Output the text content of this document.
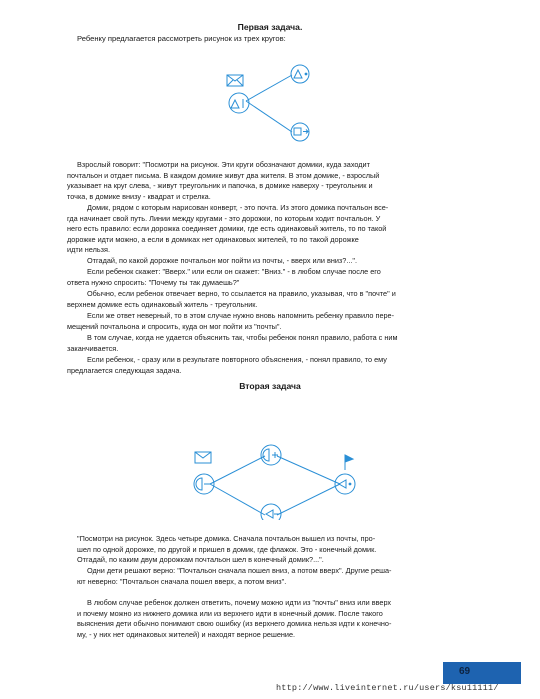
Первая задача.
Ребенку предлагается рассмотреть рисунок из трех кругов:
Взрослый говорит: "Посмотри на рисунок. Эти круги обозначают домики, куда заходит
почтальон и отдает письма. В каждом домике живут два жителя. В этом домике, - взрослый
указывает на круг слева, - живут треугольник и папочка, в домике наверху - треугольник и
точка, в домике внизу - квадрат и стрелка.
Домик, рядом с которым нарисован конверт, - это почта. Из этого домика почтальон все-
гда начинает свой путь. Линии между кругами - это дорожки, по которым ходит почтальон. У
него есть правило: если дорожка соединяет домики, где есть одинаковый житель, то по такой
дорожке идти можно, а если в домиках нет одинаковых жителей, то по такой дорожке
идти нельзя.
Отгадай, по какой дорожке почтальон мог пойти из почты, - вверх или вниз?...".
Если ребенок скажет: "Вверх." или если он скажет: "Вниз." - в любом случае после его
ответа нужно спросить: "Почему ты так думаешь?"
Обычно, если ребенок отвечает верно, то ссылается на правило, указывая, что в "почте" и
верхнем домике есть одинаковый житель - треугольник.
Если же ответ неверный, то в этом случае нужно вновь напомнить ребенку правило пере-
мещений почтальона и спросить, куда он мог пойти из "почты".
В том случае, когда не удается объяснить так, чтобы ребенок понял правило, работа с ним
заканчивается.
Если ребенок, - сразу или в результате повторного объяснения, - понял правило, то ему
предлагается следующая задача.
Вторая задача
"Посмотри на рисунок. Здесь четыре домика. Сначала почтальон вышел из почты, про-
шел по одной дорожке, по другой и пришел в домик, где флажок. Это - конечный домик.
Отгадай, по каким двум дорожкам почтальон шел в конечный домик?...".
Одни дети решают верно: "Почтальон сначала пошел вниз, а потом вверх". Другие решa-
ют неверно: "Почтальон сначала пошел вверх, а потом вниз".
В любом случае ребенок должен ответить, почему можно идти из "почты" вниз или вверх
и почему можно из нижнего домика или из верхнего идти в конечный домик. После такого
выяснения дети обычно понимают свою ошибку (из верхнего домика нельзя идти к конечно-
му, - у них нет одинаковых жителей) и находят верное решение.
69
http://www.liveinternet.ru/users/ksu11111/
